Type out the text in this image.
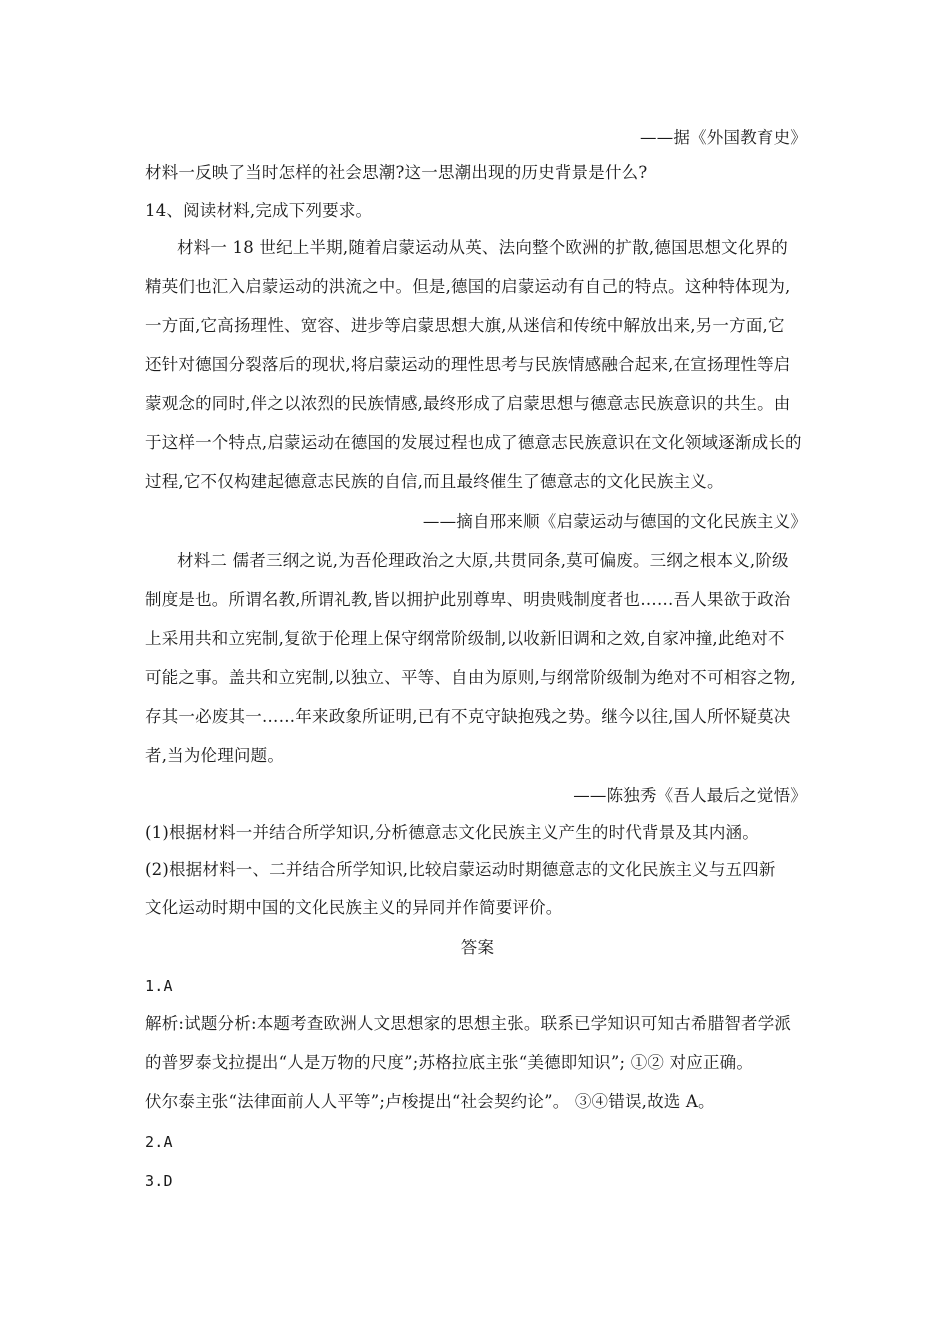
——据《外国教育史》
材料一反映了当时怎样的社会思潮?这一思潮出现的历史背景是什么?
14、阅读材料,完成下列要求。
材料一 18 世纪上半期,随着启蒙运动从英、法向整个欧洲的扩散,德国思想文化界的
精英们也汇入启蒙运动的洪流之中。但是,德国的启蒙运动有自己的特点。这种特体现为,
一方面,它高扬理性、宽容、进步等启蒙思想大旗,从迷信和传统中解放出来,另一方面,它
还针对德国分裂落后的现状,将启蒙运动的理性思考与民族情感融合起来,在宣扬理性等启
蒙观念的同时,伴之以浓烈的民族情感,最终形成了启蒙思想与德意志民族意识的共生。由
于这样一个特点,启蒙运动在德国的发展过程也成了德意志民族意识在文化领域逐渐成长的
过程,它不仅构建起德意志民族的自信,而且最终催生了德意志的文化民族主义。
——摘自邢来顺《启蒙运动与德国的文化民族主义》
材料二 儒者三纲之说,为吾伦理政治之大原,共贯同条,莫可偏废。三纲之根本义,阶级
制度是也。所谓名教,所谓礼教,皆以拥护此别尊卑、明贵贱制度者也……吾人果欲于政治
上采用共和立宪制,复欲于伦理上保守纲常阶级制,以收新旧调和之效,自家冲撞,此绝对不
可能之事。盖共和立宪制,以独立、平等、自由为原则,与纲常阶级制为绝对不可相容之物,
存其一必废其一……年来政象所证明,已有不克守缺抱残之势。继今以往,国人所怀疑莫决
者,当为伦理问题。
——陈独秀《吾人最后之觉悟》
(1)根据材料一并结合所学知识,分析德意志文化民族主义产生的时代背景及其内涵。
(2)根据材料一、二并结合所学知识,比较启蒙运动时期德意志的文化民族主义与五四新
文化运动时期中国的文化民族主义的异同并作简要评价。
答案
1.A
解析:试题分析:本题考查欧洲人文思想家的思想主张。联系已学知识可知古希腊智者学派
的普罗泰戈拉提出“人是万物的尺度”;苏格拉底主张“美德即知识”; ①② 对应正确。
伏尔泰主张“法律面前人人平等”;卢梭提出“社会契约论”。 ③④错误,故选 A。
2.A
3.D
